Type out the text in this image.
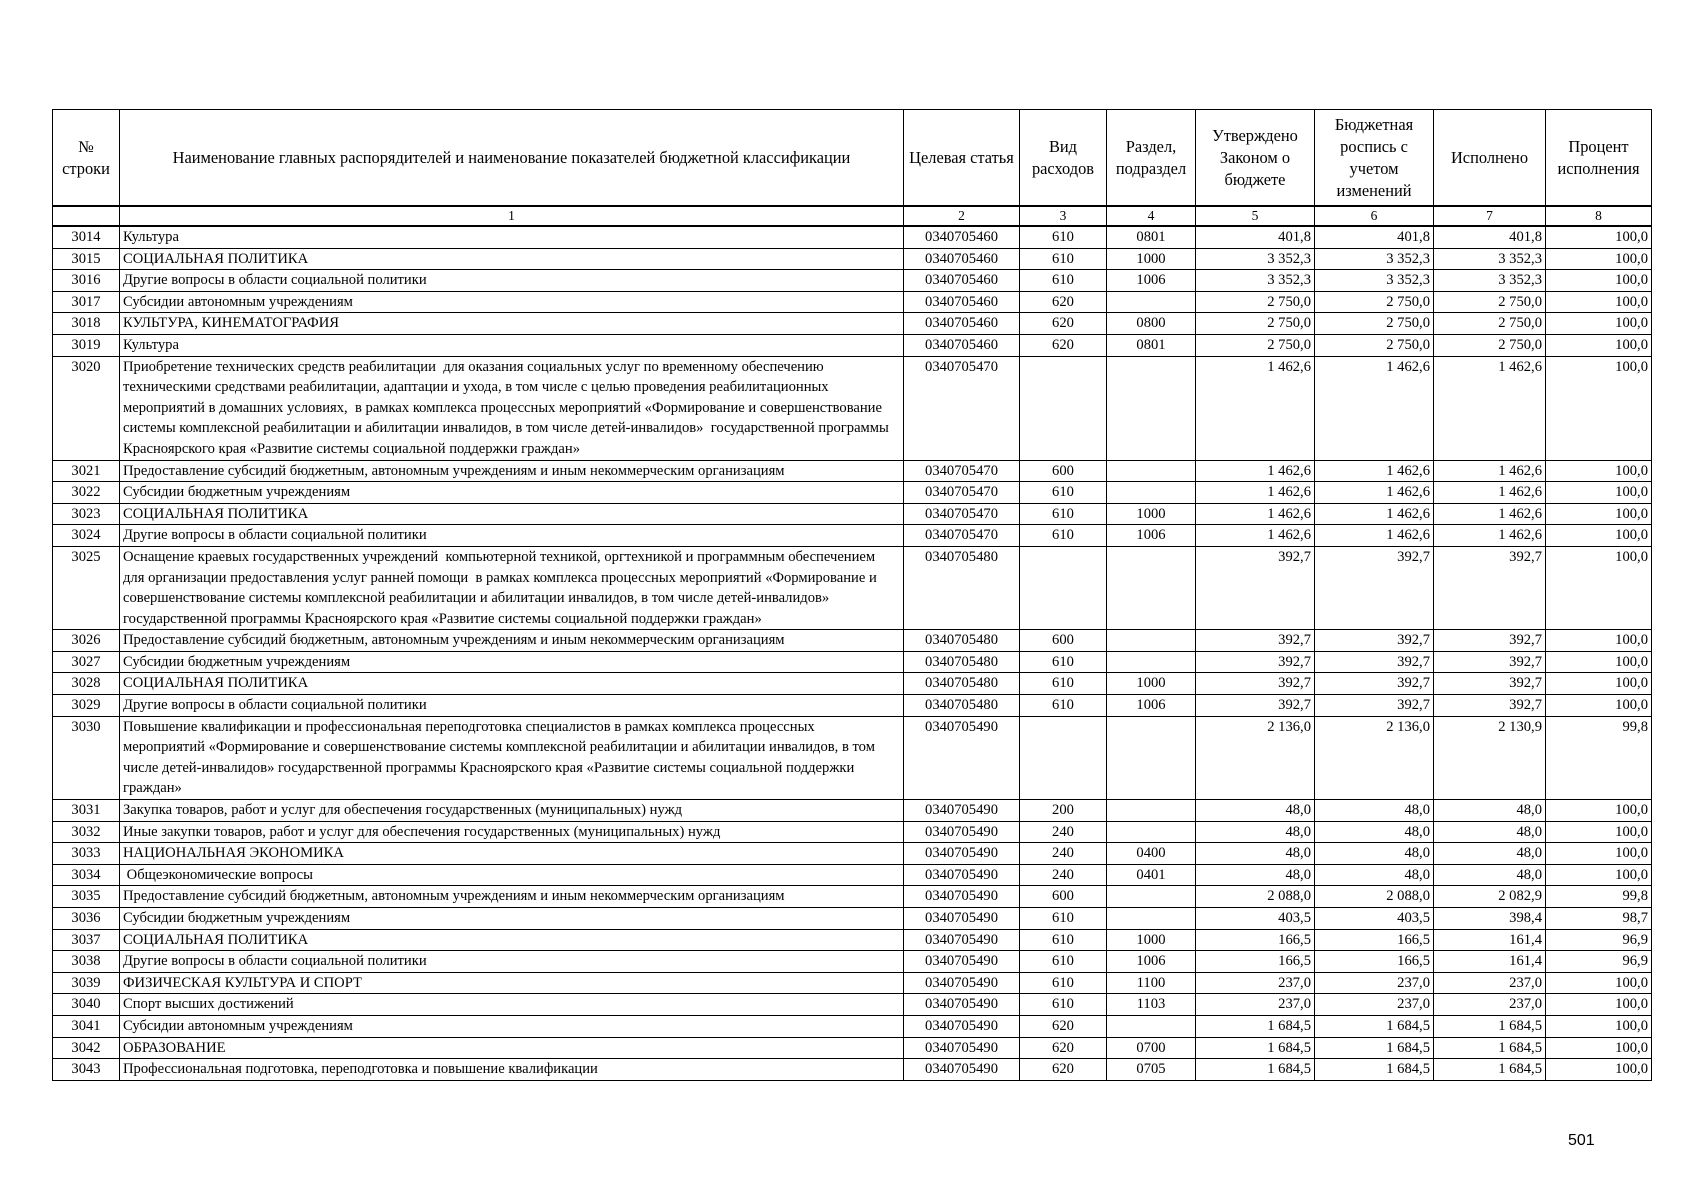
№ строки	Наименование главных распорядителей и наименование показателей бюджетной классификации	Целевая статья	Вид расходов	Раздел, подраздел	Утверждено Законом о бюджете	Бюджетная роспись с учетом изменений	Исполнено	Процент исполнения
	1	2	3	4	5	6	7	8
3014	Культура	0340705460	610	0801	401,8	401,8	401,8	100,0
3015	СОЦИАЛЬНАЯ ПОЛИТИКА	0340705460	610	1000	3 352,3	3 352,3	3 352,3	100,0
3016	Другие вопросы в области социальной политики	0340705460	610	1006	3 352,3	3 352,3	3 352,3	100,0
3017	Субсидии автономным учреждениям	0340705460	620		2 750,0	2 750,0	2 750,0	100,0
3018	КУЛЬТУРА, КИНЕМАТОГРАФИЯ	0340705460	620	0800	2 750,0	2 750,0	2 750,0	100,0
3019	Культура	0340705460	620	0801	2 750,0	2 750,0	2 750,0	100,0
3020	Приобретение технических средств реабилитации  для оказания социальных услуг по временному обеспечению техническими средствами реабилитации, адаптации и ухода, в том числе с целью проведения реабилитационных мероприятий в домашних условиях,  в рамках комплекса процессных мероприятий «Формирование и совершенствование системы комплексной реабилитации и абилитации инвалидов, в том числе детей-инвалидов»  государственной программы Красноярского края «Развитие системы социальной поддержки граждан»	0340705470			1 462,6	1 462,6	1 462,6	100,0
3021	Предоставление субсидий бюджетным, автономным учреждениям и иным некоммерческим организациям	0340705470	600		1 462,6	1 462,6	1 462,6	100,0
3022	Субсидии бюджетным учреждениям	0340705470	610		1 462,6	1 462,6	1 462,6	100,0
3023	СОЦИАЛЬНАЯ ПОЛИТИКА	0340705470	610	1000	1 462,6	1 462,6	1 462,6	100,0
3024	Другие вопросы в области социальной политики	0340705470	610	1006	1 462,6	1 462,6	1 462,6	100,0
3025	Оснащение краевых государственных учреждений  компьютерной техникой, оргтехникой и программным обеспечением для организации предоставления услуг ранней помощи  в рамках комплекса процессных мероприятий «Формирование и совершенствование системы комплексной реабилитации и абилитации инвалидов, в том числе детей-инвалидов»  государственной программы Красноярского края «Развитие системы социальной поддержки граждан»	0340705480			392,7	392,7	392,7	100,0
3026	Предоставление субсидий бюджетным, автономным учреждениям и иным некоммерческим организациям	0340705480	600		392,7	392,7	392,7	100,0
3027	Субсидии бюджетным учреждениям	0340705480	610		392,7	392,7	392,7	100,0
3028	СОЦИАЛЬНАЯ ПОЛИТИКА	0340705480	610	1000	392,7	392,7	392,7	100,0
3029	Другие вопросы в области социальной политики	0340705480	610	1006	392,7	392,7	392,7	100,0
3030	Повышение квалификации и профессиональная переподготовка специалистов в рамках комплекса процессных мероприятий «Формирование и совершенствование системы комплексной реабилитации и абилитации инвалидов, в том числе детей-инвалидов» государственной программы Красноярского края «Развитие системы социальной поддержки граждан»	0340705490			2 136,0	2 136,0	2 130,9	99,8
3031	Закупка товаров, работ и услуг для обеспечения государственных (муниципальных) нужд	0340705490	200		48,0	48,0	48,0	100,0
3032	Иные закупки товаров, работ и услуг для обеспечения государственных (муниципальных) нужд	0340705490	240		48,0	48,0	48,0	100,0
3033	НАЦИОНАЛЬНАЯ ЭКОНОМИКА	0340705490	240	0400	48,0	48,0	48,0	100,0
3034	Общеэкономические вопросы	0340705490	240	0401	48,0	48,0	48,0	100,0
3035	Предоставление субсидий бюджетным, автономным учреждениям и иным некоммерческим организациям	0340705490	600		2 088,0	2 088,0	2 082,9	99,8
3036	Субсидии бюджетным учреждениям	0340705490	610		403,5	403,5	398,4	98,7
3037	СОЦИАЛЬНАЯ ПОЛИТИКА	0340705490	610	1000	166,5	166,5	161,4	96,9
3038	Другие вопросы в области социальной политики	0340705490	610	1006	166,5	166,5	161,4	96,9
3039	ФИЗИЧЕСКАЯ КУЛЬТУРА И СПОРТ	0340705490	610	1100	237,0	237,0	237,0	100,0
3040	Спорт высших достижений	0340705490	610	1103	237,0	237,0	237,0	100,0
3041	Субсидии автономным учреждениям	0340705490	620		1 684,5	1 684,5	1 684,5	100,0
3042	ОБРАЗОВАНИЕ	0340705490	620	0700	1 684,5	1 684,5	1 684,5	100,0
3043	Профессиональная подготовка, переподготовка и повышение квалификации	0340705490	620	0705	1 684,5	1 684,5	1 684,5	100,0
501
